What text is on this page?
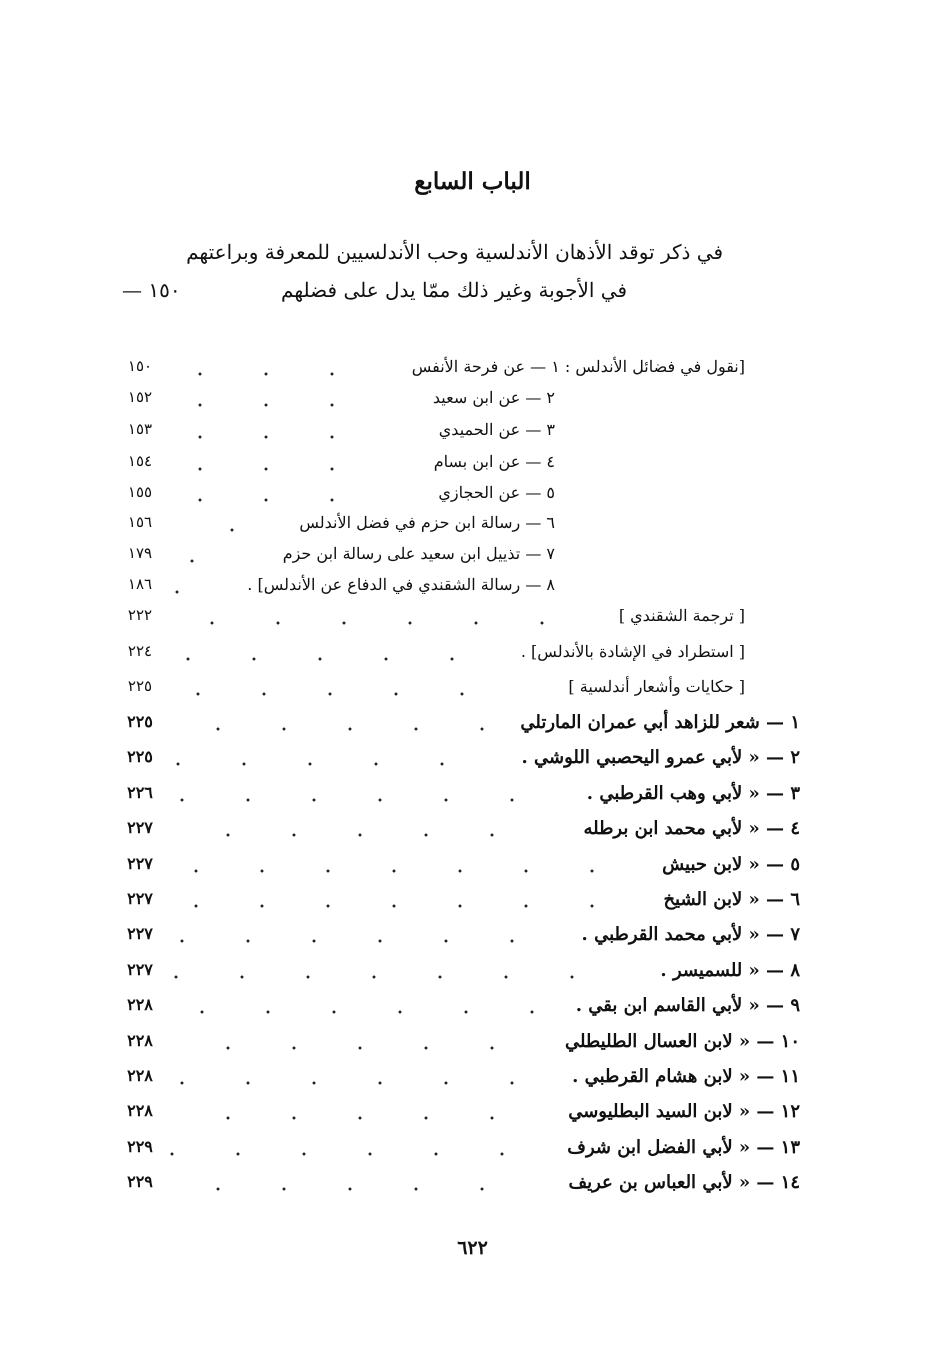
الباب السابع
في ذكر توقد الأذهان الأندلسية وحب الأندلسيين للمعرفة وبراعتهم
في الأجوبة وغير ذلك ممّا يدل على فضلهم
١٥٠ —
[نقول في فضائل الأندلس : ١ — عن فرحة الأنفس
١٥٠
٢ — عن ابن سعيد
١٥٢
٣ — عن الحميدي
١٥٣
٤ — عن ابن بسام
١٥٤
٥ — عن الحجازي
١٥٥
٦ — رسالة ابن حزم في فضل الأندلس
١٥٦
٧ — تذييل ابن سعيد على رسالة ابن حزم
١٧٩
٨ — رسالة الشقندي في الدفاع عن الأندلس] .
١٨٦
[ ترجمة الشقندي ]
٢٢٢
[ استطراد في الإشادة بالأندلس] .
٢٢٤
[ حكايات وأشعار أندلسية ]
٢٢٥
١ — شعر للزاهد أبي عمران المارتلي
٢٢٥
٢ — « لأبي عمرو اليحصبي اللوشي .
٢٢٥
٣ — « لأبي وهب القرطبي .
٢٢٦
٤ — « لأبي محمد ابن برطله
٢٢٧
٥ — « لابن حبيش
٢٢٧
٦ — « لابن الشيخ
٢٢٧
٧ — « لأبي محمد القرطبي .
٢٢٧
٨ — « للسميسر .
٢٢٧
٩ — « لأبي القاسم ابن بقي .
٢٢٨
١٠ — « لابن العسال الطليطلي
٢٢٨
١١ — « لابن هشام القرطبي .
٢٢٨
١٢ — « لابن السيد البطليوسي
٢٢٨
١٣ — « لأبي الفضل ابن شرف
٢٢٩
١٤ — « لأبي العباس بن عريف
٢٢٩
٦٢٢
